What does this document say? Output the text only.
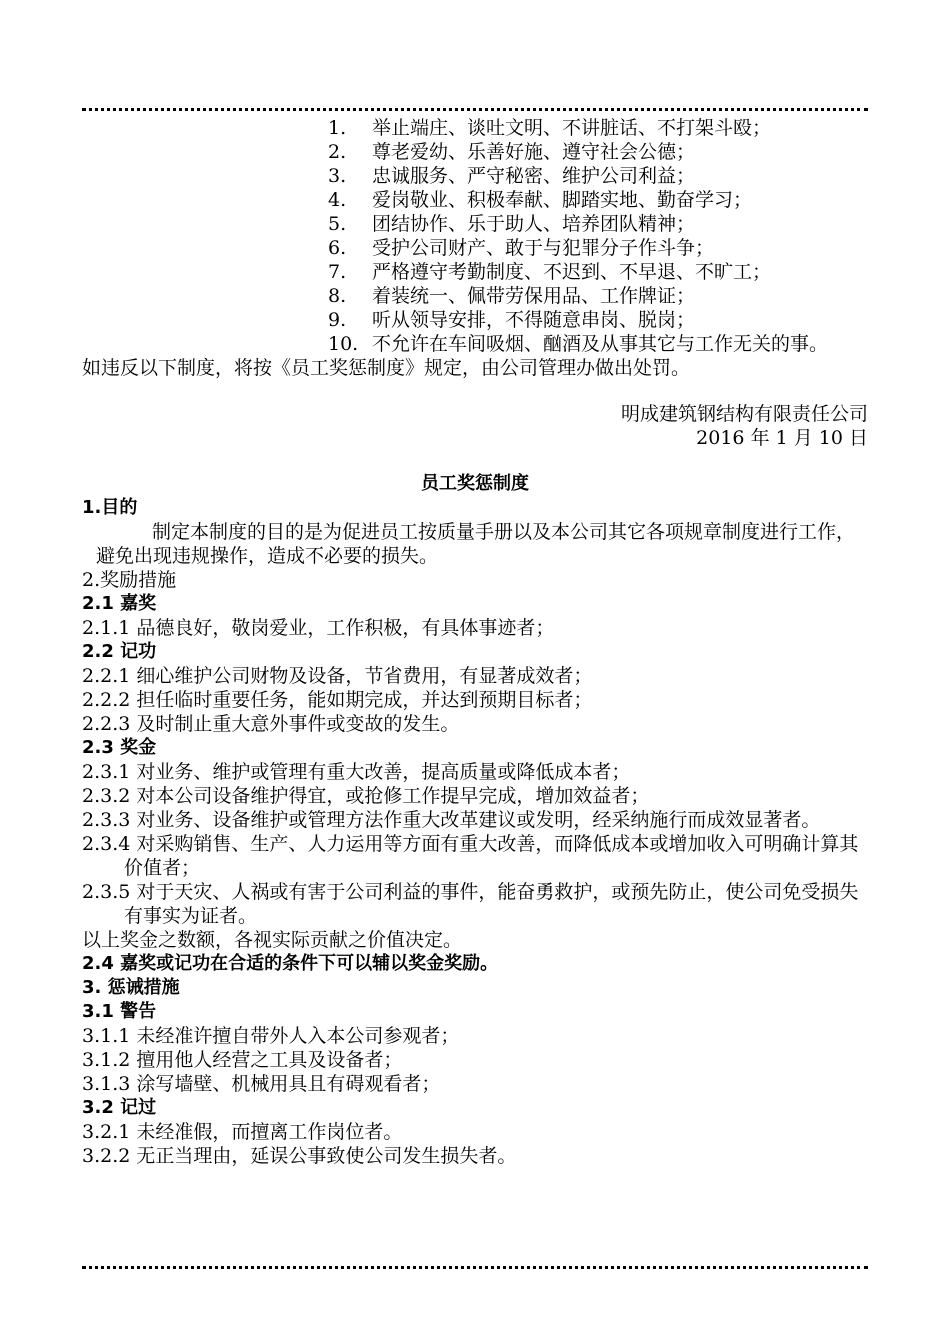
1.	举止端庄、谈吐文明、不讲脏话、不打架斗殴；
2.	尊老爱幼、乐善好施、遵守社会公德；
3.	忠诚服务、严守秘密、维护公司利益；
4.	爱岗敬业、积极奉献、脚踏实地、勤奋学习；
5.	团结协作、乐于助人、培养团队精神；
6.	受护公司财产、敢于与犯罪分子作斗争；
7.	严格遵守考勤制度、不迟到、不早退、不旷工；
8.	着装统一、佩带劳保用品、工作牌证；
9.	听从领导安排，不得随意串岗、脱岗；
10. 不允许在车间吸烟、酗酒及从事其它与工作无关的事。
如违反以下制度，将按《员工奖惩制度》规定，由公司管理办做出处罚。
明成建筑钢结构有限责任公司
2016 年 1 月 10 日
员工奖惩制度
1.目的
制定本制度的目的是为促进员工按质量手册以及本公司其它各项规章制度进行工作，避免出现违规操作，造成不必要的损失。
2.奖励措施
2.1 嘉奖
2.1.1 品德良好，敬岗爱业，工作积极，有具体事迹者；
2.2 记功
2.2.1 细心维护公司财物及设备，节省费用，有显著成效者；
2.2.2 担任临时重要任务，能如期完成，并达到预期目标者；
2.2.3 及时制止重大意外事件或变故的发生。
2.3 奖金
2.3.1 对业务、维护或管理有重大改善，提高质量或降低成本者；
2.3.2 对本公司设备维护得宜，或抢修工作提早完成，增加效益者；
2.3.3 对业务、设备维护或管理方法作重大改革建议或发明，经采纳施行而成效显著者。
2.3.4 对采购销售、生产、人力运用等方面有重大改善，而降低成本或增加收入可明确计算其价值者；
2.3.5 对于天灾、人祸或有害于公司利益的事件，能奋勇救护，或预先防止，使公司免受损失有事实为证者。
以上奖金之数额，各视实际贡献之价值决定。
2.4 嘉奖或记功在合适的条件下可以辅以奖金奖励。
3. 惩诫措施
3.1 警告
3.1.1 未经准许擅自带外人入本公司参观者；
3.1.2 擅用他人经营之工具及设备者；
3.1.3 涂写墙壁、机械用具且有碍观看者；
3.2 记过
3.2.1 未经准假，而擅离工作岗位者。
3.2.2 无正当理由，延误公事致使公司发生损失者。
